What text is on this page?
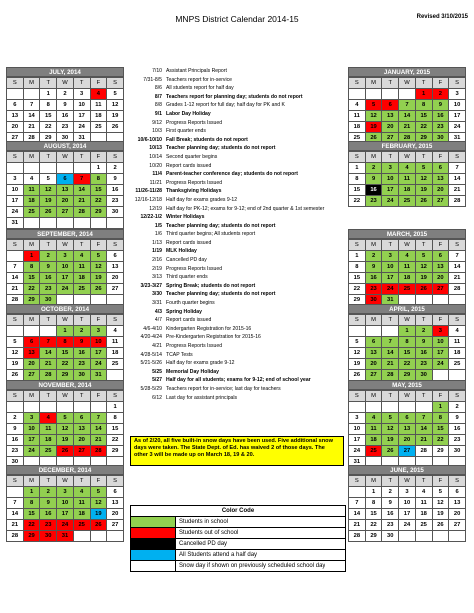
MNPS District Calendar 2014-15	Revised 3/10/2015
JULY, 2014
S	M	T	W	T	F	S
		1	2	3	4	5
6	7	8	9	10	11	12
13	14	15	16	17	18	19
20	21	22	23	24	25	26
27	28	29	30	31		
AUGUST, 2014
S	M	T	W	T	F	S
					1	2
3	4	5	6	7	8	9
10	11	12	13	14	15	16
17	18	19	20	21	22	23
24	25	26	27	28	29	30
31						
SEPTEMBER, 2014
S	M	T	W	T	F	S
	1	2	3	4	5	6
7	8	9	10	11	12	13
14	15	16	17	18	19	20
21	22	23	24	25	26	27
28	29	30				
OCTOBER, 2014
S	M	T	W	T	F	S
			1	2	3	4
5	6	7	8	9	10	11
12	13	14	15	16	17	18
19	20	21	22	23	24	25
26	27	28	29	30	31	
NOVEMBER, 2014
S	M	T	W	T	F	S
						1
2	3	4	5	6	7	8
9	10	11	12	13	14	15
16	17	18	19	20	21	22
23	24	25	26	27	28	29
30						
DECEMBER, 2014
S	M	T	W	T	F	S
	1	2	3	4	5	6
7	8	9	10	11	12	13
14	15	16	17	18	19	20
21	22	23	24	25	26	27
28	29	30	31			
JANUARY, 2015
S	M	T	W	T	F	S
				1	2	3
4	5	6	7	8	9	10
11	12	13	14	15	16	17
18	19	20	21	22	23	24
25	26	27	28	29	30	31
FEBRUARY, 2015
S	M	T	W	T	F	S
1	2	3	4	5	6	7
8	9	10	11	12	13	14
15	16	17	18	19	20	21
22	23	24	25	26	27	28
MARCH, 2015
S	M	T	W	T	F	S
1	2	3	4	5	6	7
8	9	10	11	12	13	14
15	16	17	18	19	20	21
22	23	24	25	26	27	28
29	30	31				
APRIL, 2015
S	M	T	W	T	F	S
			1	2	3	4
5	6	7	8	9	10	11
12	13	14	15	16	17	18
19	20	21	22	23	24	25
26	27	28	29	30		
MAY, 2015
S	M	T	W	T	F	S
					1	2
3	4	5	6	7	8	9
10	11	12	13	14	15	16
17	18	19	20	21	22	23
24	25	26	27	28	29	30
31						
JUNE, 2015
S	M	T	W	T	F	S
	1	2	3	4	5	6
7	8	9	10	11	12	13
14	15	16	17	18	19	20
21	22	23	24	25	26	27
28	29	30				
7/10 Assistant Principals Report
7/31-8/5 Teachers report for in-service
8/6 All students report for half day
8/7 Teachers report for planning day; students do not report
8/8 Grades 1-12 report for full day; half day for PK and K
9/1 Labor Day Holiday
9/12 Progress Reports Issued
10/3 First quarter ends
10/6-10/10 Fall Break; students do not report
10/13 Teacher planning day; students do not report
10/14 Second quarter begins
10/20 Report cards issued
11/4 Parent-teacher conference day; students do not report
11/21 Progress Reports Issued
11/26-11/28 Thanksgiving Holidays
12/16-12/18 Half day for exams grades 9-12
12/19 Half day for PK-12; exams for 9-12; end of 2nd quarter & 1st semester
12/22-1/2 Winter Holidays
1/5 Teacher planning day; students do not report
1/6 Third quarter begins; All students report
1/13 Report cards issued
1/19 MLK Holiday
2/16 Cancelled PD day
2/19 Progress Reports Issued
3/13 Third quarter ends
3/23-3/27 Spring Break; students do not report
3/30 Teacher planning day; students do not report
3/31 Fourth quarter begins
4/3 Spring Holiday
4/7 Report cards issued
4/6-4/10 Kindergarten Registration for 2015-16
4/20-4/24 Pre-Kindergarten Registration for 2015-16
4/21 Progress Reports Issued
4/28-5/14 TCAP Tests
5/21-5/26 Half day for exams grade 9-12
5/25 Memorial Day Holiday
5/27 Half day for all students; exams for 9-12; end of school year
5/28-5/29 Teachers report for in-service; last day for teachers
6/12 Last day for assistant principals
As of 2/20, all five built-in snow days have been used. Five additional snow days were taken. The State Dept. of Ed. has waived 2 of those days. The other 3 will be made up on March 18, 19 & 20.
Color Code
Students in school
Students out of school
Cancelled PD day
All Students attend a half day
Snow day if shown on previously scheduled school day
